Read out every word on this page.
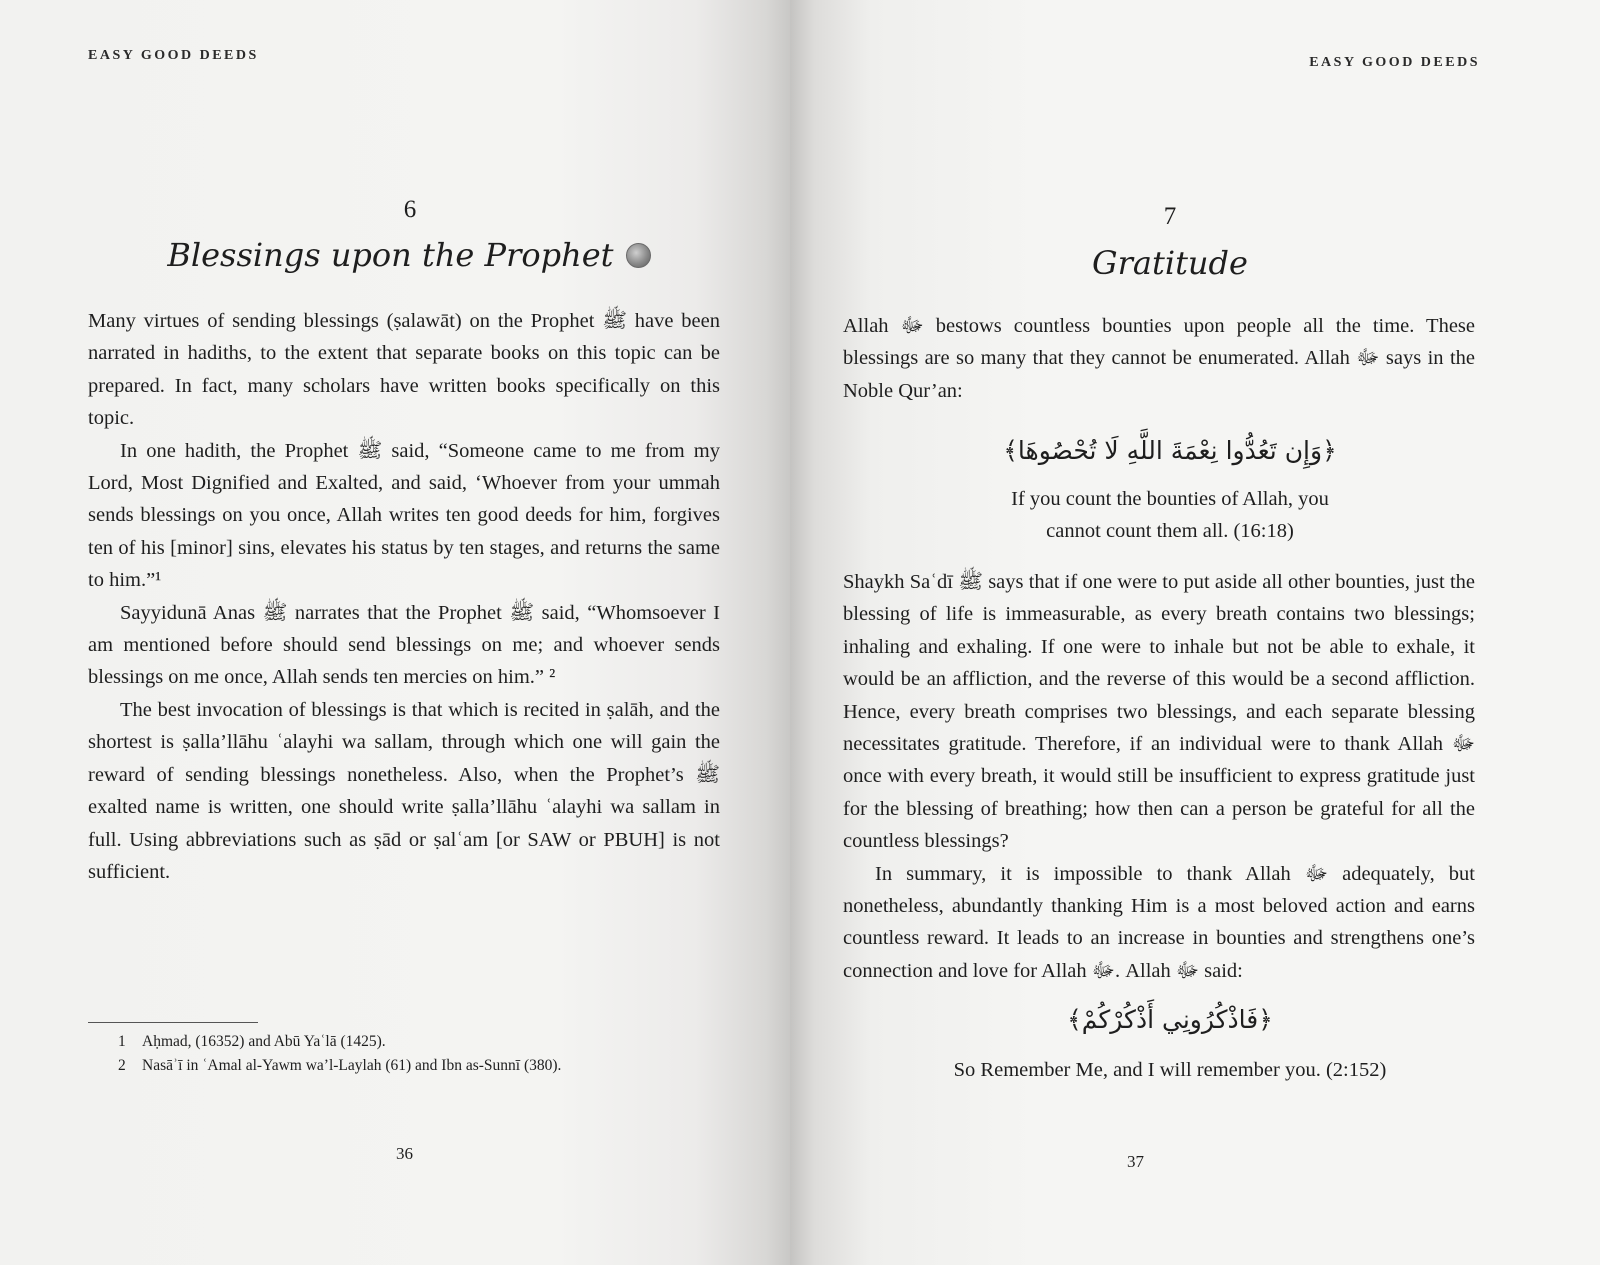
EASY GOOD DEEDS
6
Blessings upon the Prophet

Many virtues of sending blessings (ṣalawāt) on the Prophet ﷺ have been narrated in hadiths, to the extent that separate books on this topic can be prepared. In fact, many scholars have written books specifically on this topic.

In one hadith, the Prophet ﷺ said, “Someone came to me from my Lord, Most Dignified and Exalted, and said, ‘Whoever from your ummah sends blessings on you once, Allah writes ten good deeds for him, forgives ten of his [minor] sins, elevates his status by ten stages, and returns the same to him.”¹

Sayyidunā Anas ﷺ narrates that the Prophet ﷺ said, “Whomsoever I am mentioned before should send blessings on me; and whoever sends blessings on me once, Allah sends ten mercies on him.” ²

The best invocation of blessings is that which is recited in ṣalāh, and the shortest is ṣalla’llāhu ʿalayhi wa sallam, through which one will gain the reward of sending blessings nonetheless. Also, when the Prophet’s ﷺ exalted name is written, one should write ṣalla’llāhu ʿalayhi wa sallam in full. Using abbreviations such as ṣād or ṣalʿam [or SAW or PBUH] is not sufficient.

1	Aḥmad, (16352) and Abū Yaʿlā (1425).
2	Nasāʾī in ʿAmal al-Yawm wa’l-Laylah (61) and Ibn as-Sunnī (380).
36
EASY GOOD DEEDS
7
Gratitude

Allah ﷻ bestows countless bounties upon people all the time. These blessings are so many that they cannot be enumerated. Allah ﷻ says in the Noble Qur’an:

﴿وَإِن تَعُدُّوا نِعْمَةَ اللَّهِ لَا تُحْصُوهَا﴾
If you count the bounties of Allah, you
cannot count them all. (16:18)

Shaykh Saʿdī ﷺ says that if one were to put aside all other bounties, just the blessing of life is immeasurable, as every breath contains two blessings; inhaling and exhaling. If one were to inhale but not be able to exhale, it would be an affliction, and the reverse of this would be a second affliction. Hence, every breath comprises two blessings, and each separate blessing necessitates gratitude. Therefore, if an individual were to thank Allah ﷻ once with every breath, it would still be insufficient to express gratitude just for the blessing of breathing; how then can a person be grateful for all the countless blessings?

In summary, it is impossible to thank Allah ﷻ adequately, but nonetheless, abundantly thanking Him is a most beloved action and earns countless reward. It leads to an increase in bounties and strengthens one’s connection and love for Allah ﷻ. Allah ﷻ said:

﴿فَاذْكُرُونِي أَذْكُرْكُمْ﴾
So Remember Me, and I will remember you. (2:152)
37
